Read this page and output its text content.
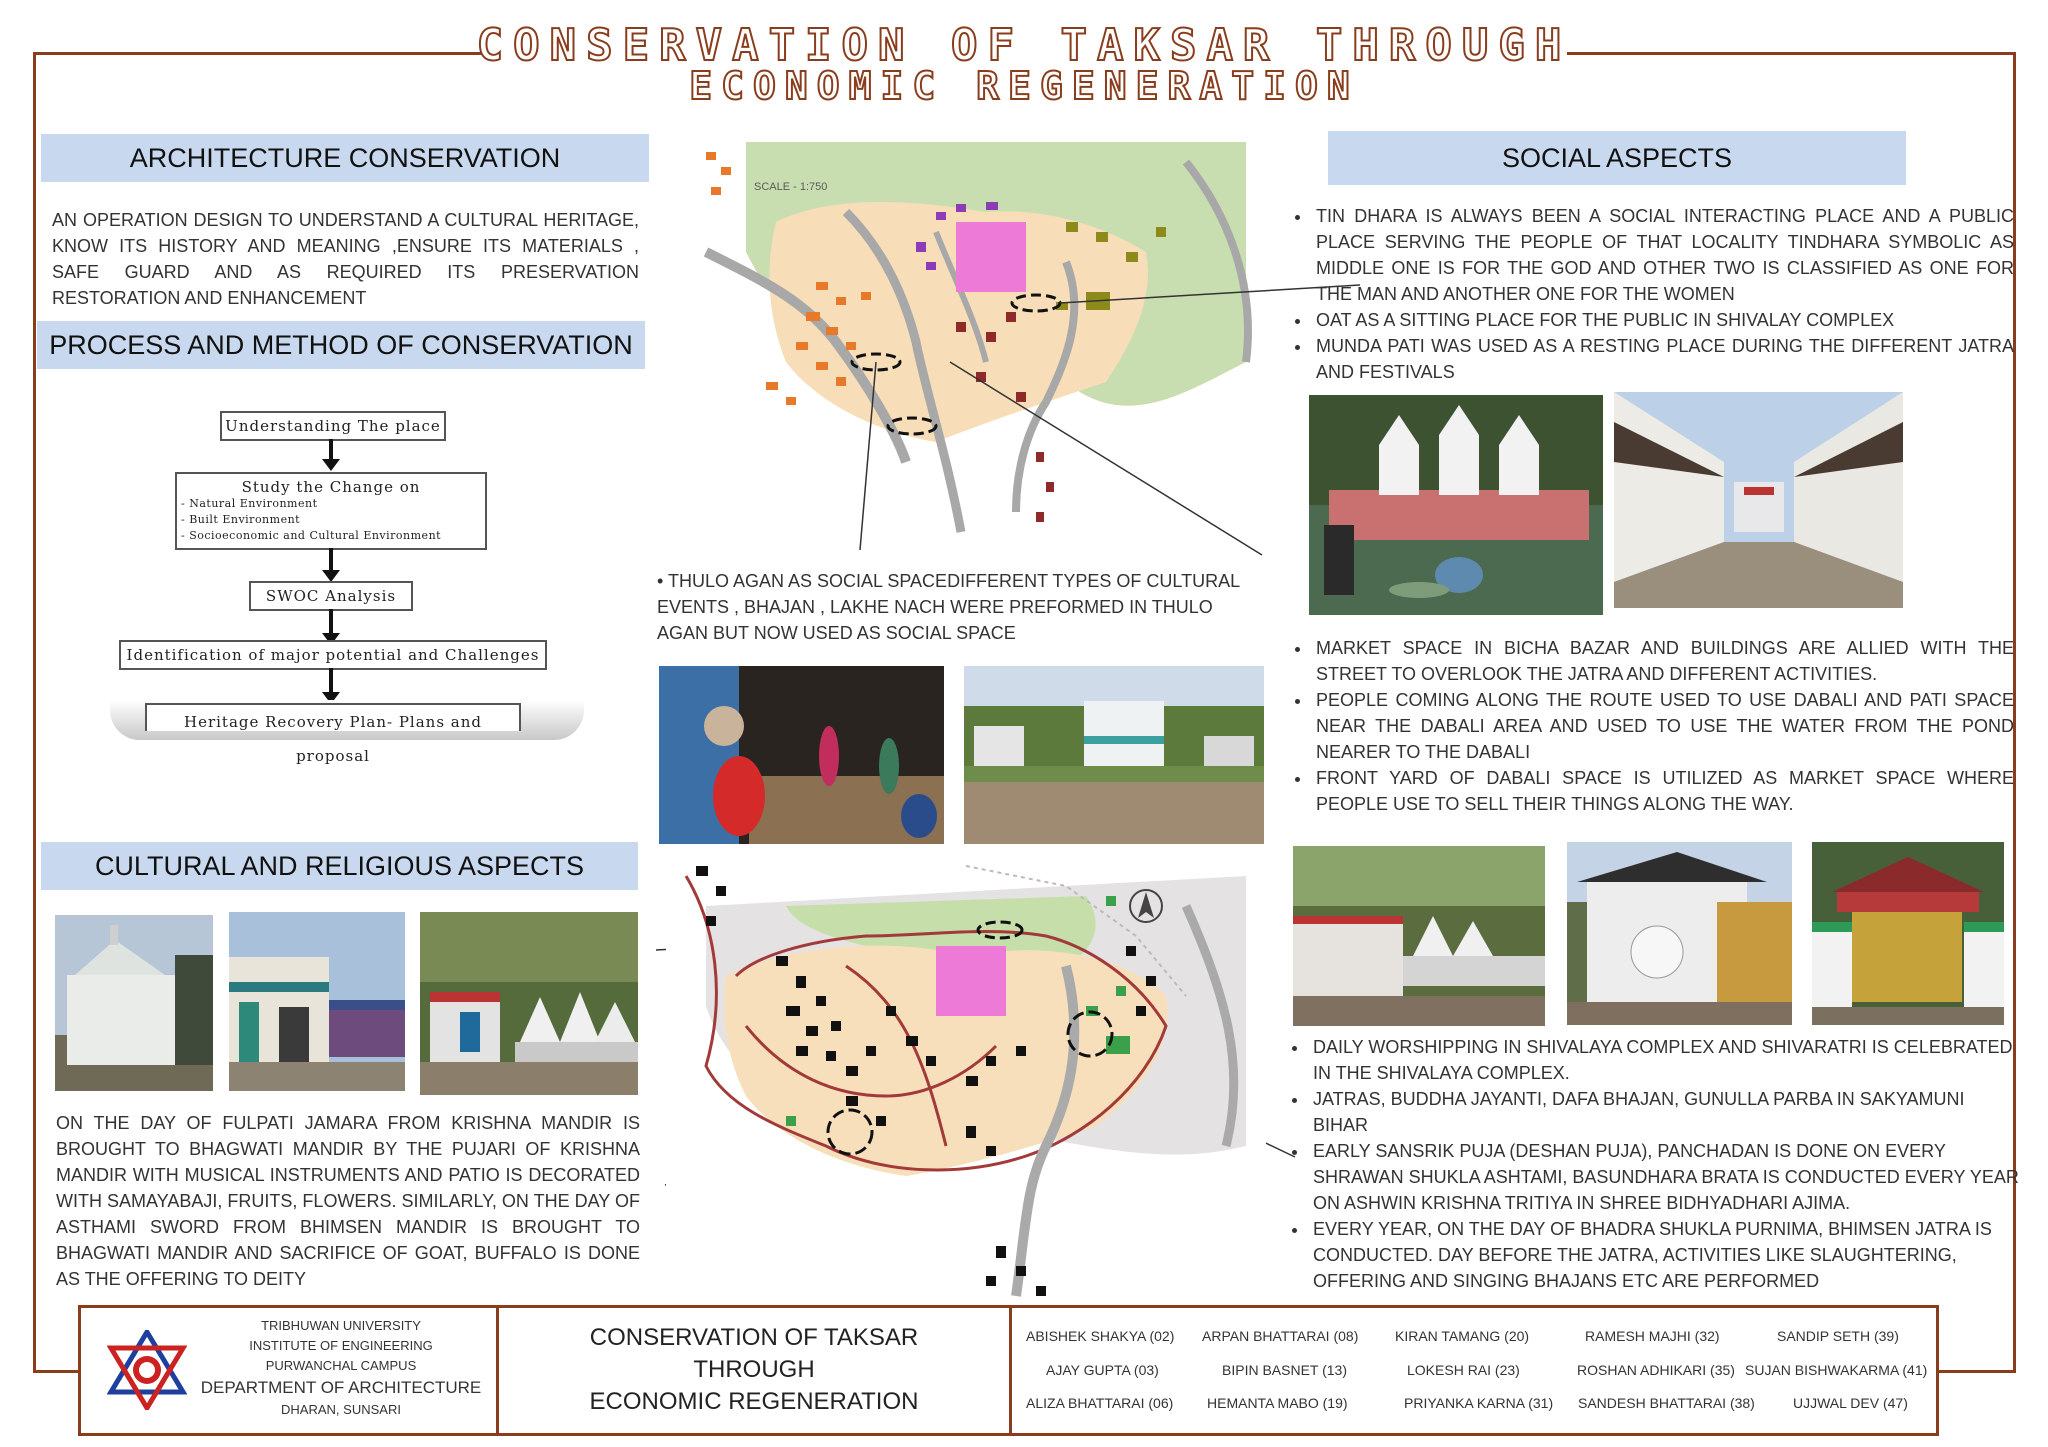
CONSERVATION OF TAKSAR THROUGH
ECONOMIC REGENERATION
ARCHITECTURE CONSERVATION
AN OPERATION DESIGN TO UNDERSTAND A CULTURAL HERITAGE, KNOW ITS HISTORY AND MEANING ,ENSURE ITS MATERIALS , SAFE GUARD AND AS REQUIRED ITS PRESERVATION RESTORATION AND ENHANCEMENT
PROCESS AND METHOD OF CONSERVATION
Understanding The place
Study the Change on
- Natural Environment
- Built Environment
- Socioeconomic and Cultural Environment
SWOC Analysis
Identification of major potential and Challenges
Heritage Recovery Plan- Plans and proposal
CULTURAL AND RELIGIOUS ASPECTS
ON THE DAY OF FULPATI JAMARA FROM KRISHNA MANDIR IS BROUGHT TO BHAGWATI MANDIR BY THE PUJARI OF KRISHNA MANDIR WITH MUSICAL INSTRUMENTS AND PATIO IS DECORATED WITH SAMAYABAJI, FRUITS, FLOWERS. SIMILARLY, ON THE DAY OF ASTHAMI SWORD FROM BHIMSEN MANDIR IS BROUGHT TO BHAGWATI MANDIR AND SACRIFICE OF GOAT, BUFFALO IS DONE AS THE OFFERING TO DEITY
SCALE - 1:750
• THULO AGAN AS SOCIAL SPACEDIFFERENT TYPES OF CULTURAL EVENTS , BHAJAN , LAKHE NACH WERE PREFORMED IN THULO AGAN BUT NOW USED AS SOCIAL SPACE
SOCIAL ASPECTS
• TIN DHARA IS ALWAYS BEEN A SOCIAL INTERACTING PLACE AND A PUBLIC PLACE SERVING THE PEOPLE OF THAT LOCALITY TINDHARA SYMBOLIC AS MIDDLE ONE IS FOR THE GOD AND OTHER TWO IS CLASSIFIED AS ONE FOR THE MAN AND ANOTHER ONE FOR THE WOMEN
• OAT AS A SITTING PLACE FOR THE PUBLIC IN SHIVALAY COMPLEX
• MUNDA PATI WAS USED AS A RESTING PLACE DURING THE DIFFERENT JATRA AND FESTIVALS
• MARKET SPACE IN BICHA BAZAR AND BUILDINGS ARE ALLIED WITH THE STREET TO OVERLOOK THE JATRA AND DIFFERENT ACTIVITIES.
• PEOPLE COMING ALONG THE ROUTE USED TO USE DABALI AND PATI SPACE NEAR THE DABALI AREA AND USED TO USE THE WATER FROM THE POND NEARER TO THE DABALI
• FRONT YARD OF DABALI SPACE IS UTILIZED AS MARKET SPACE WHERE PEOPLE USE TO SELL THEIR THINGS ALONG THE WAY.
• DAILY WORSHIPPING IN SHIVALAYA COMPLEX AND SHIVARATRI IS CELEBRATED IN THE SHIVALAYA COMPLEX.
• JATRAS, BUDDHA JAYANTI, DAFA BHAJAN, GUNULLA PARBA IN SAKYAMUNI BIHAR
• EARLY SANSRIK PUJA (DESHAN PUJA), PANCHADAN IS DONE ON EVERY SHRAWAN SHUKLA ASHTAMI, BASUNDHARA BRATA IS CONDUCTED EVERY YEAR ON ASHWIN KRISHNA TRITIYA IN SHREE BIDHYADHARI AJIMA.
• EVERY YEAR, ON THE DAY OF BHADRA SHUKLA PURNIMA, BHIMSEN JATRA IS CONDUCTED. DAY BEFORE THE JATRA, ACTIVITIES LIKE SLAUGHTERING, OFFERING AND SINGING BHAJANS ETC ARE PERFORMED
TRIBHUWAN UNIVERSITY
INSTITUTE OF ENGINEERING
PURWANCHAL CAMPUS
DEPARTMENT OF ARCHITECTURE
DHARAN, SUNSARI
CONSERVATION OF TAKSAR
THROUGH
ECONOMIC REGENERATION
ABISHEK SHAKYA (02) ARPAN BHATTARAI (08)	KIRAN TAMANG (20)	RAMESH MAJHI (32)	SANDIP SETH (39)
AJAY GUPTA (03)	BIPIN BASNET (13)	LOKESH RAI (23)	ROSHAN ADHIKARI (35) SUJAN BISHWAKARMA (41)
ALIZA BHATTARAI (06) HEMANTA MABO (19)	PRIYANKA KARNA (31) SANDESH BHATTARAI (38)	UJJWAL DEV (47)
